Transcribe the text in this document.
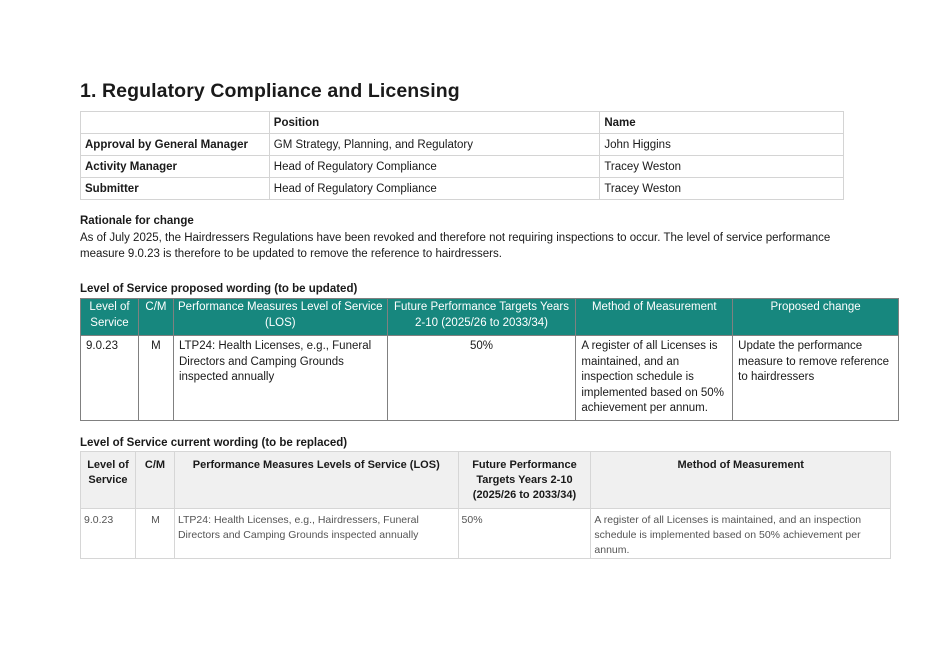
1. Regulatory Compliance and Licensing
	Position	Name
Approval by General Manager	GM Strategy, Planning, and Regulatory	John Higgins
Activity Manager	Head of Regulatory Compliance	Tracey Weston
Submitter	Head of Regulatory Compliance	Tracey Weston
Rationale for change
As of July 2025, the Hairdressers Regulations have been revoked and therefore not requiring inspections to occur. The level of service performance measure 9.0.23 is therefore to be updated to remove the reference to hairdressers.
Level of Service proposed wording (to be updated)
Level of Service	C/M	Performance Measures Level of Service (LOS)	Future Performance Targets Years 2-10 (2025/26 to 2033/34)	Method of Measurement	Proposed change
9.0.23	M	LTP24: Health Licenses, e.g., Funeral Directors and Camping Grounds inspected annually	50%	A register of all Licenses is maintained, and an inspection schedule is implemented based on 50% achievement per annum.	Update the performance measure to remove reference to hairdressers
Level of Service current wording (to be replaced)
Level of Service	C/M	Performance Measures Levels of Service (LOS)	Future Performance Targets Years 2-10 (2025/26 to 2033/34)	Method of Measurement
9.0.23	M	LTP24: Health Licenses, e.g., Hairdressers, Funeral Directors and Camping Grounds inspected annually	50%	A register of all Licenses is maintained, and an inspection schedule is implemented based on 50% achievement per annum.
